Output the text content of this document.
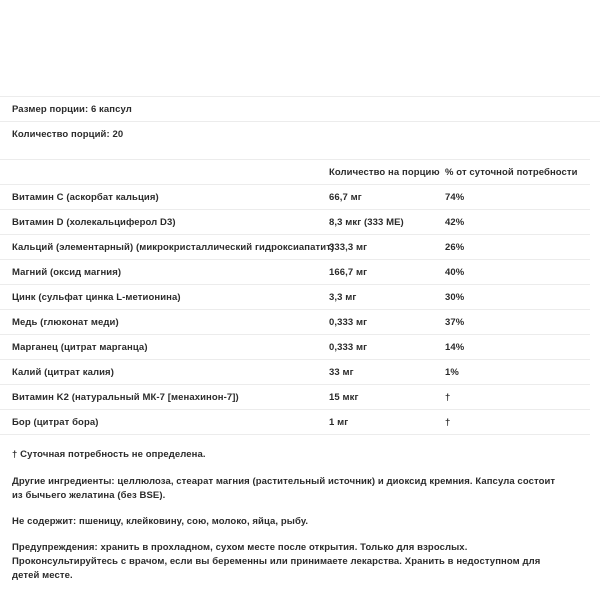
Размер порции: 6 капсул
Количество порций: 20
	Количество на порцию	% от суточной потребности
Витамин С (аскорбат кальция)	66,7 мг	74%
Витамин D (холекальциферол D3)	8,3 мкг (333 МЕ)	42%
Кальций (элементарный) (микрокристаллический гидроксиапатит)	333,3 мг	26%
Магний (оксид магния)	166,7 мг	40%
Цинк (сульфат цинка L-метионина)	3,3 мг	30%
Медь (глюконат меди)	0,333 мг	37%
Марганец (цитрат марганца)	0,333 мг	14%
Калий (цитрат калия)	33 мг	1%
Витамин K2 (натуральный МК-7 [менахинон-7])	15 мкг	†
Бор (цитрат бора)	1 мг	†

† Суточная потребность не определена.

Другие ингредиенты: целлюлоза, стеарат магния (растительный источник) и диоксид кремния. Капсула состоит из бычьего желатина (без BSE).

Не содержит: пшеницу, клейковину, сою, молоко, яйца, рыбу.

Предупреждения: хранить в прохладном, сухом месте после открытия. Только для взрослых. Проконсультируйтесь с врачом, если вы беременны или принимаете лекарства. Хранить в недоступном для детей месте.
